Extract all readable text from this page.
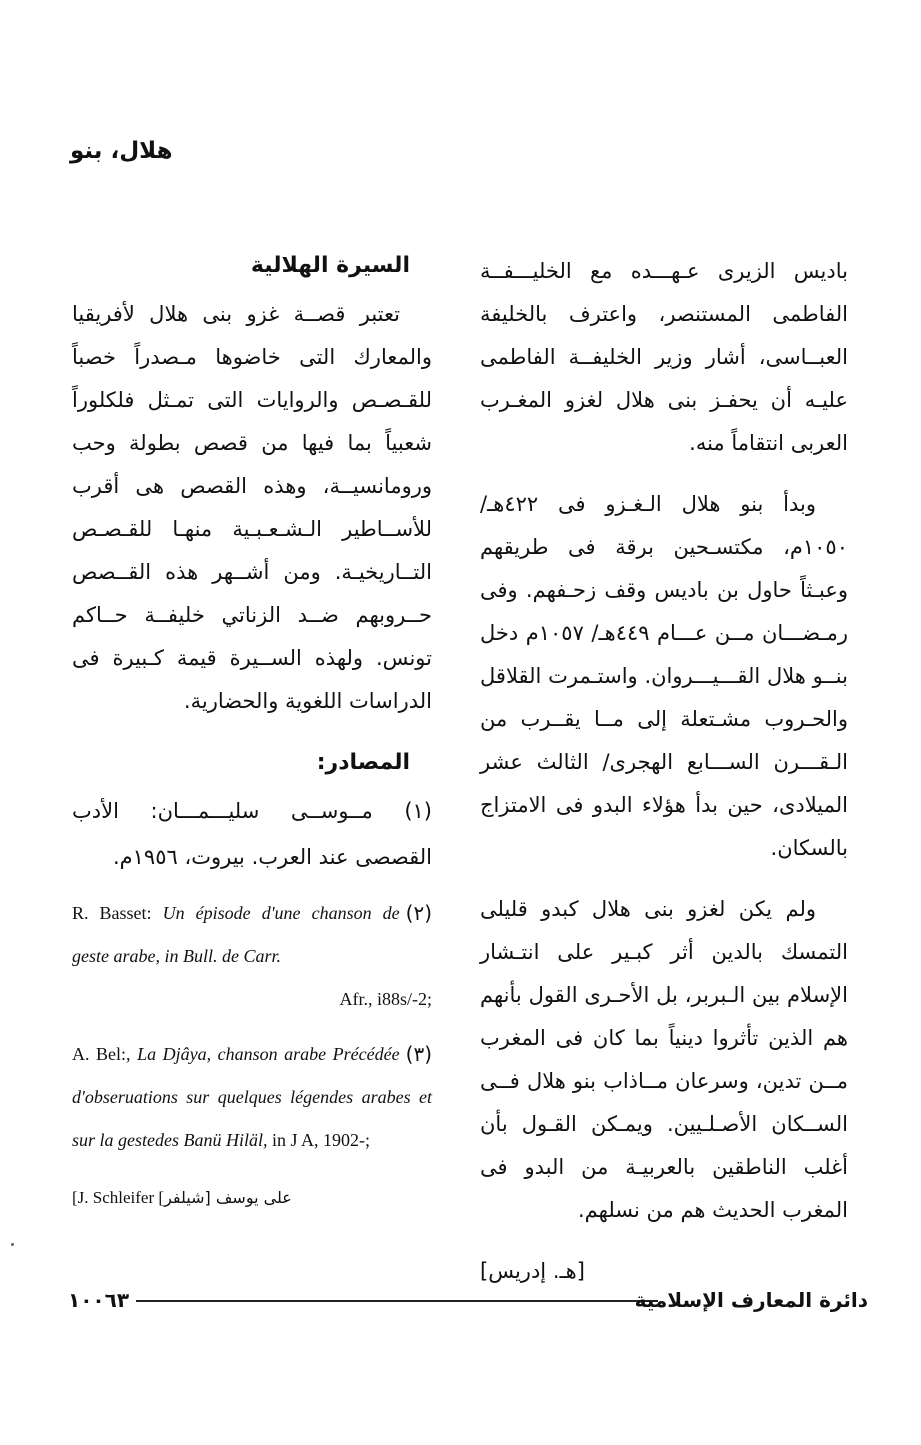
هلال، بنو

باديس الزيرى عـهـــده مع الخليـــفــة الفاطمى المستنصر، واعترف بالخليفة العبــاسى، أشار وزير الخليفــة الفاطمى عليـه أن يحفـز بنى هلال لغزو المغـرب العربى انتقاماً منه.

وبدأ بنو هلال الـغـزو فى ٤٢٢هـ/ ١٠٥٠م، مكتسـحين برقة فى طريقهم وعبـثاً حاول بن باديس وقف زحـفهم. وفى رمـضـــان مــن عـــام ٤٤٩هـ/ ١٠٥٧م دخل بنــو هلال القـــيـــروان. واستـمرت القلاقل والحـروب مشـتعلة إلى مــا يقــرب من الـقـــرن الســـابع الهجرى/ الثالث عشر الميلادى، حين بدأ هؤلاء البدو فى الامتزاج بالسكان.

ولم يكن لغزو بنى هلال كبدو قليلى التمسك بالدين أثر كبـير على انتـشار الإسلام بين الـبربر، بل الأحـرى القول بأنهم هم الذين تأثروا دينياً بما كان فى المغرب مــن تدين، وسرعان مــاذاب بنو هلال فــى الســكان الأصـلـيين. ويمـكن القـول بأن أغلب الناطقين بالعربيـة من البدو فى المغرب الحديث هم من نسلهم.

[هـ. إدريس]

السيرة الهلالية

تعتبر قصــة غزو بنى هلال لأفريقيا والمعارك التى خاضوها مـصدراً خصباً للقـصـص والروايات التى تمـثل فلكلوراً شعبياً بما فيها من قصص بطولة وحب ورومانسيــة، وهذه القصص هى أقرب للأســاطير الـشـعـبـية منهـا للقـصـص التــاريخيـة. ومن أشــهر هذه القــصص حــروبهم ضــد الزناتي خليفــة حــاكم تونس. ولهذه الســيرة قيمة كـبيرة فى الدراسات اللغوية والحضارية.

المصادر:

(١) مــوســى سليـــمـــان: الأدب القصصى عند العرب. بيروت، ١٩٥٦م.

(٢)
R. Basset: Un épisode d'une chanson de geste arabe, in Bull. de Carr.
Afr., i88s/-2;

(٣)
A. Bel:, La Djâya, chanson arabe Précédée d'obseruations sur quelques légendes arabes et sur la gestedes Banü Hiläl, in J A, 1902-;

[J. Schleifer على يوسف [شيلفر]

١٠٠٦٣	دائرة المعارف الإسلامية
